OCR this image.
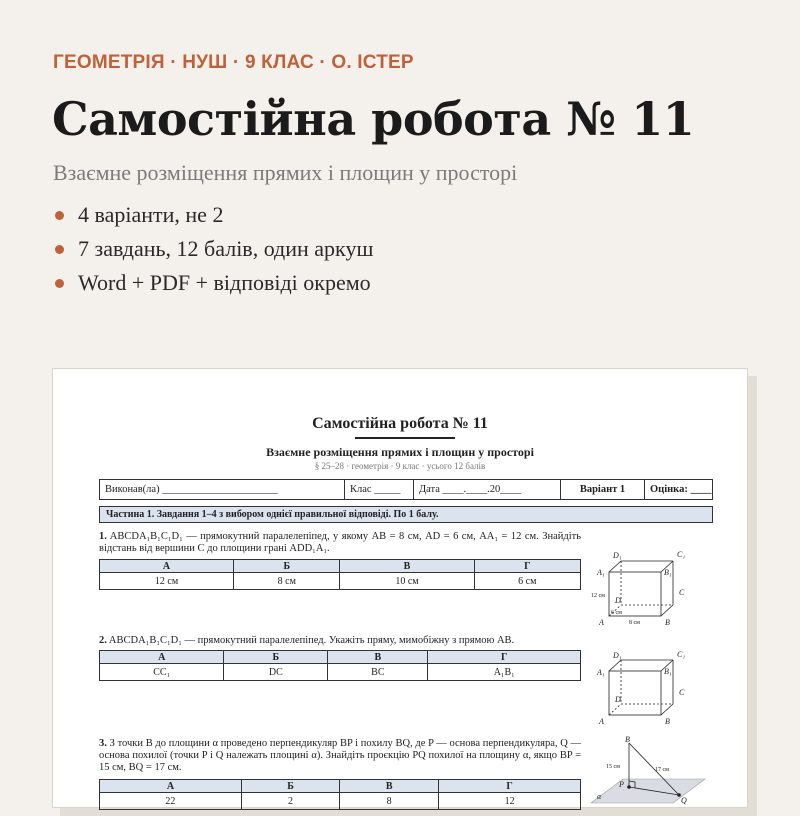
ГЕОМЕТРІЯ · НУШ · 9 КЛАС · О. ІСТЕР
Самостійна робота № 11
Взаємне розміщення прямих і площин у просторі
4 варіанти, не 2
7 завдань, 12 балів, один аркуш
Word + PDF + відповіді окремо
Самостійна робота № 11
Взаємне розміщення прямих і площин у просторі
§ 25–28 · геометрія · 9 клас · усього 12 балів
Виконав(ла) ______________________	Клас _____	Дата ____.____.20____	Варіант 1	Оцінка: ____
Частина 1. Завдання 1–4 з вибором однієї правильної відповіді. По 1 балу.
1. ABCDA₁B₁C₁D₁ — прямокутний паралелепіпед, у якому AB = 8 см, AD = 6 см, AA₁ = 12 см. Знайдіть відстань від вершини C до площини грані ADD₁A₁.
А	Б	В	Г
12 см	8 см	10 см	6 см
D₁	C₁
A₁	B₁
D
C
A	B
12 см
6 см
8 см
2. ABCDA₁B₁C₁D₁ — прямокутний паралелепіпед. Укажіть пряму, мимобіжну з прямою AB.
А	Б	В	Г
CC₁	DC	BC	A₁B₁
D₁	C₁
A₁	B₁
D
C
A	B
3. З точки B до площини α проведено перпендикуляр BP і похилу BQ, де P — основа перпендикуляра, Q — основа похилої (точки P і Q належать площині α). Знайдіть проєкцію PQ похилої на площину α, якщо BP = 15 см, BQ = 17 см.
А	Б	В	Г
22	2	8	12
B
P
Q
α
15 см	17 см
